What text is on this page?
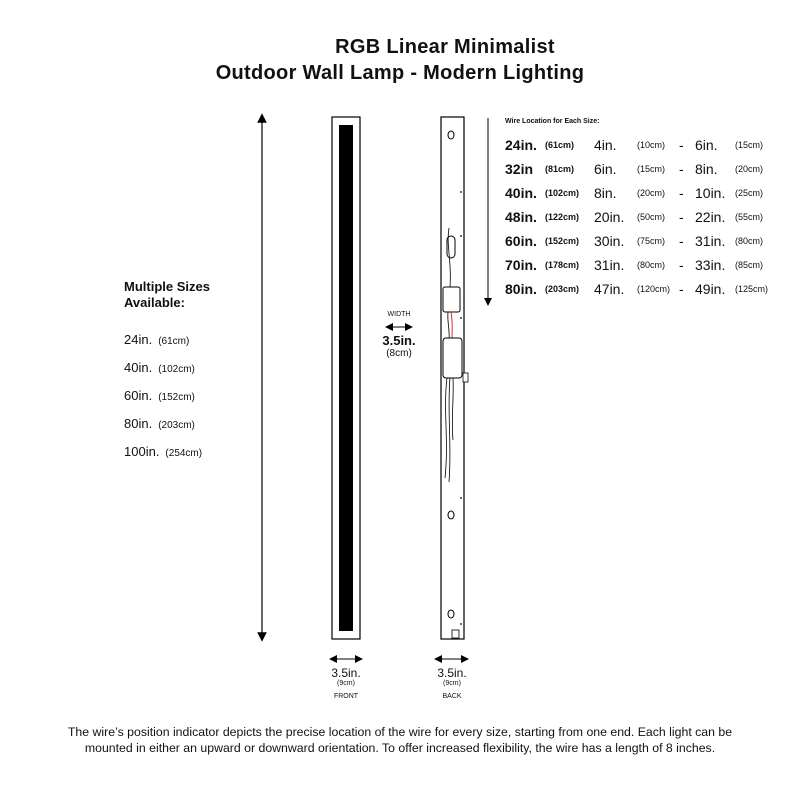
RGB Linear Minimalist
Outdoor Wall Lamp - Modern Lighting
Multiple Sizes
Available:
24in. (61cm)
40in. (102cm)
60in. (152cm)
80in. (203cm)
100in. (254cm)
Wire Location for Each Size:
24in. (61cm) 4in. (10cm) - 6in. (15cm)
32in (81cm) 6in. (15cm) - 8in. (20cm)
40in. (102cm) 8in. (20cm) - 10in. (25cm)
48in. (122cm) 20in. (50cm) - 22in. (55cm)
60in. (152cm) 30in. (75cm) - 31in. (80cm)
70in. (178cm) 31in. (80cm) - 33in. (85cm)
80in. (203cm) 47in. (120cm) - 49in. (125cm)
WIDTH
3.5in.
(8cm)
3.5in.
(9cm)
FRONT
3.5in.
(9cm)
BACK
The wire’s position indicator depicts the precise location of the wire for every size, starting from one end. Each light can be mounted in either an upward or downward orientation. To offer increased flexibility, the wire has a length of 8 inches.
